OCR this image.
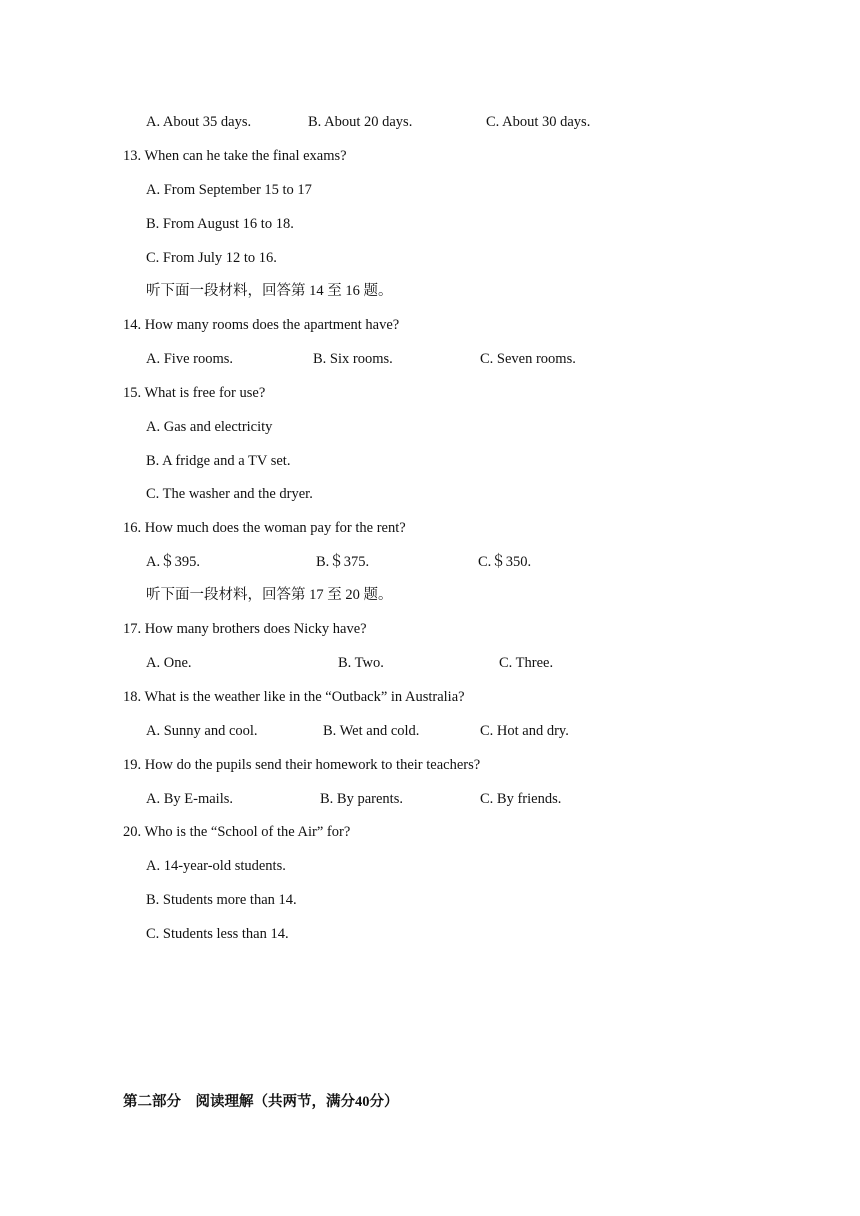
A. About 35 days.	B. About 20 days.	C. About 30 days.
13. When can he take the final exams?
A. From September 15 to 17
B. From August 16 to 18.
C. From July 12 to 16.
听下面一段材料，回答第 14 至 16 题。
14. How many rooms does the apartment have?
A. Five rooms.	B. Six rooms.	C. Seven rooms.
15. What is free for use?
A. Gas and electricity
B. A fridge and a TV set.
C. The washer and the dryer.
16. How much does the woman pay for the rent?
A.＄395.	B.＄375.	C.＄350.
听下面一段材料，回答第 17 至 20 题。
17. How many brothers does Nicky have?
A. One.	B. Two.	C. Three.
18. What is the weather like in the “Outback” in Australia?
A. Sunny and cool.	B. Wet and cold.	C. Hot and dry.
19. How do the pupils send their homework to their teachers?
A. By E-mails.	B. By parents.	C. By friends.
20. Who is the “School of the Air” for?
A. 14-year-old students.
B. Students more than 14.
C. Students less than 14.
第二部分　阅读理解（共两节，满分40分）
